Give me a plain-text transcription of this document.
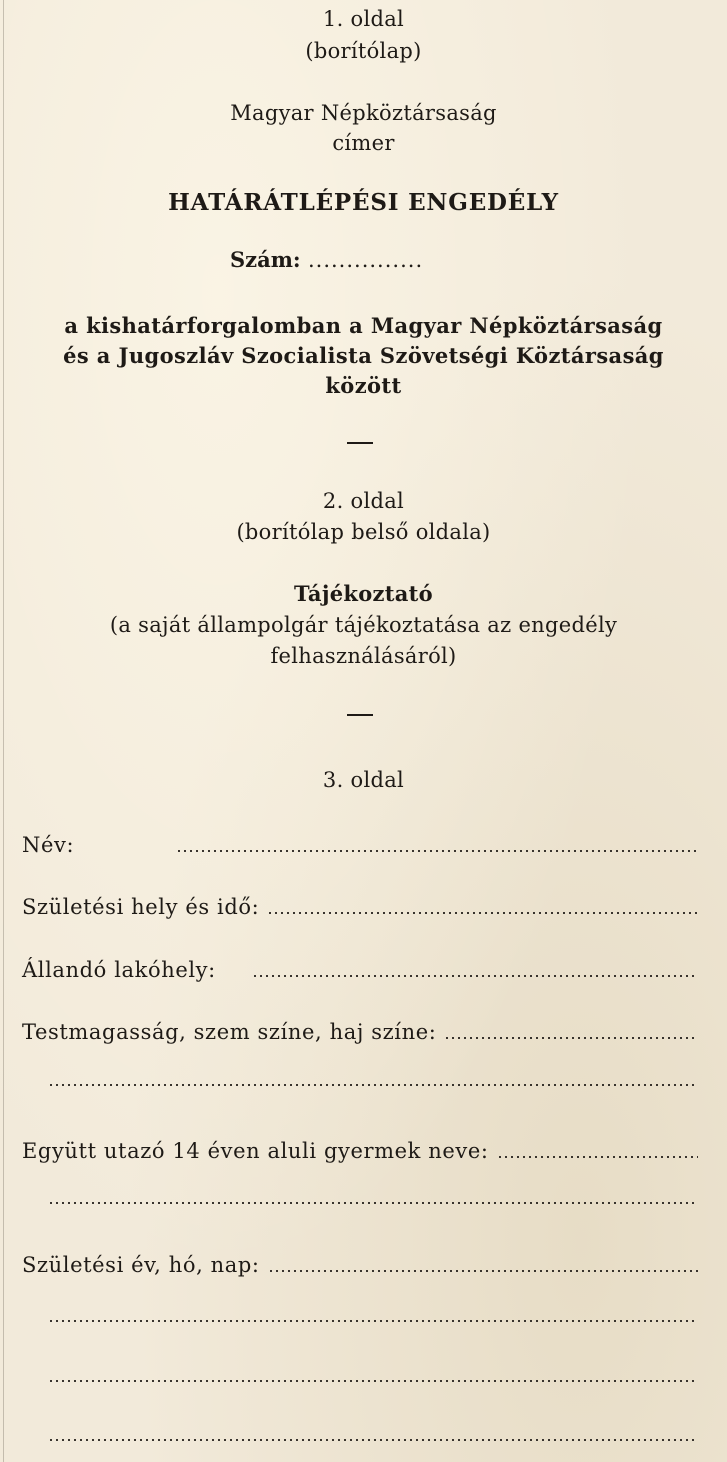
1. oldal
(borítólap)
Magyar Népköztársaság
címer
HATÁRÁTLÉPÉSI ENGEDÉLY
Szám: ...............
a kishatárforgalomban a Magyar Népköztársaság
és a Jugoszláv Szocialista Szövetségi Köztársaság
között
2. oldal
(borítólap belső oldala)
Tájékoztató
(a saját állampolgár tájékoztatása az engedély
felhasználásáról)
3. oldal
Név:
Születési hely és idő:
Állandó lakóhely:
Testmagasság, szem színe, haj színe:
Együtt utazó 14 éven aluli gyermek neve:
Születési év, hó, nap:
